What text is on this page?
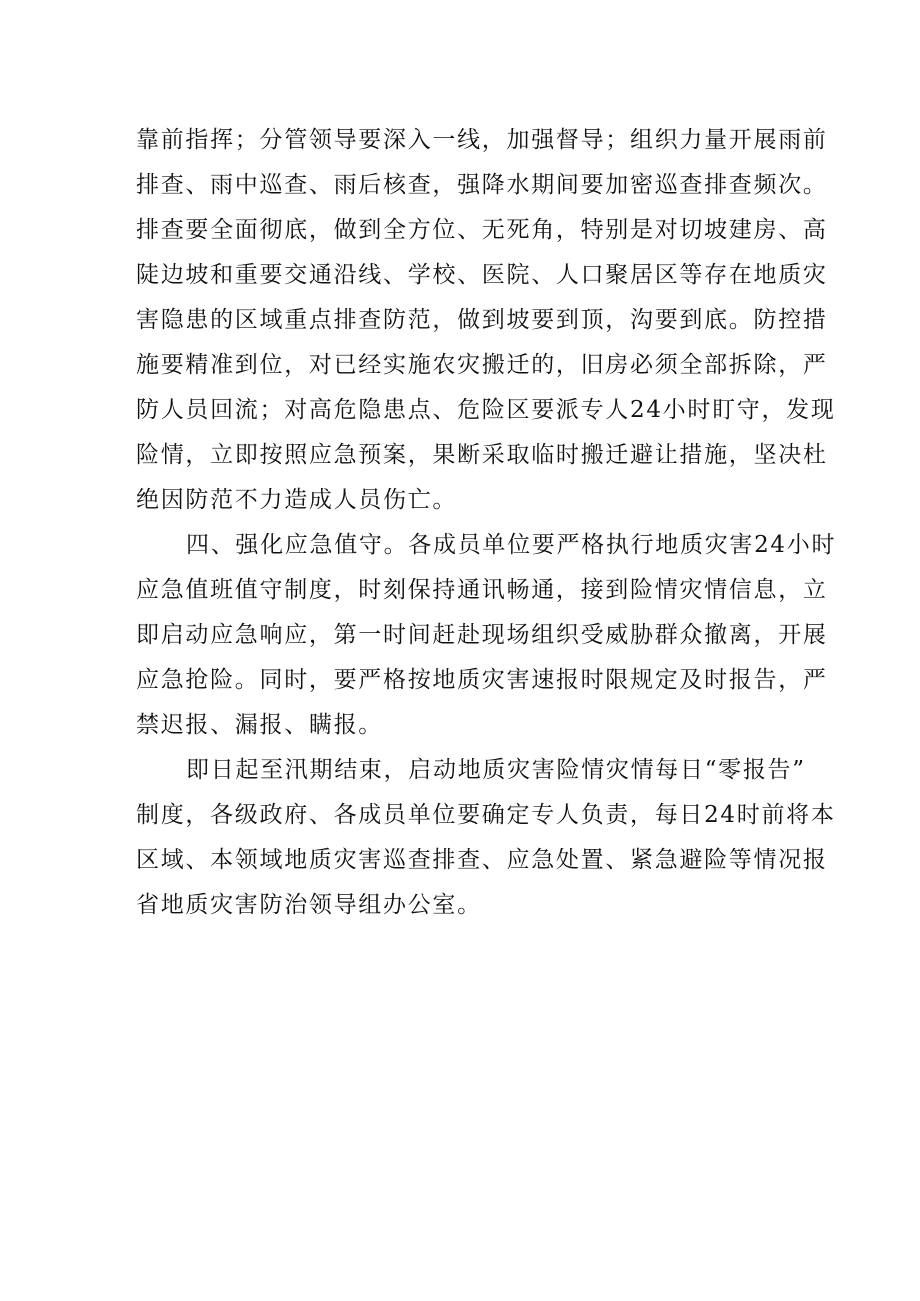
靠前指挥；分管领导要深入一线，加强督导；组织力量开展雨前
排查、雨中巡查、雨后核查，强降水期间要加密巡查排查频次。
排查要全面彻底，做到全方位、无死角，特别是对切坡建房、高
陡边坡和重要交通沿线、学校、医院、人口聚居区等存在地质灾
害隐患的区域重点排查防范，做到坡要到顶，沟要到底。防控措
施要精准到位，对已经实施农灾搬迁的，旧房必须全部拆除，严
防人员回流；对高危隐患点、危险区要派专人24小时盯守，发现
险情，立即按照应急预案，果断采取临时搬迁避让措施，坚决杜
绝因防范不力造成人员伤亡。
四、强化应急值守。各成员单位要严格执行地质灾害24小时
应急值班值守制度，时刻保持通讯畅通，接到险情灾情信息，立
即启动应急响应，第一时间赶赴现场组织受威胁群众撤离，开展
应急抢险。同时，要严格按地质灾害速报时限规定及时报告，严
禁迟报、漏报、瞒报。
即日起至汛期结束，启动地质灾害险情灾情每日“零报告”
制度，各级政府、各成员单位要确定专人负责，每日24时前将本
区域、本领域地质灾害巡查排查、应急处置、紧急避险等情况报
省地质灾害防治领导组办公室。
